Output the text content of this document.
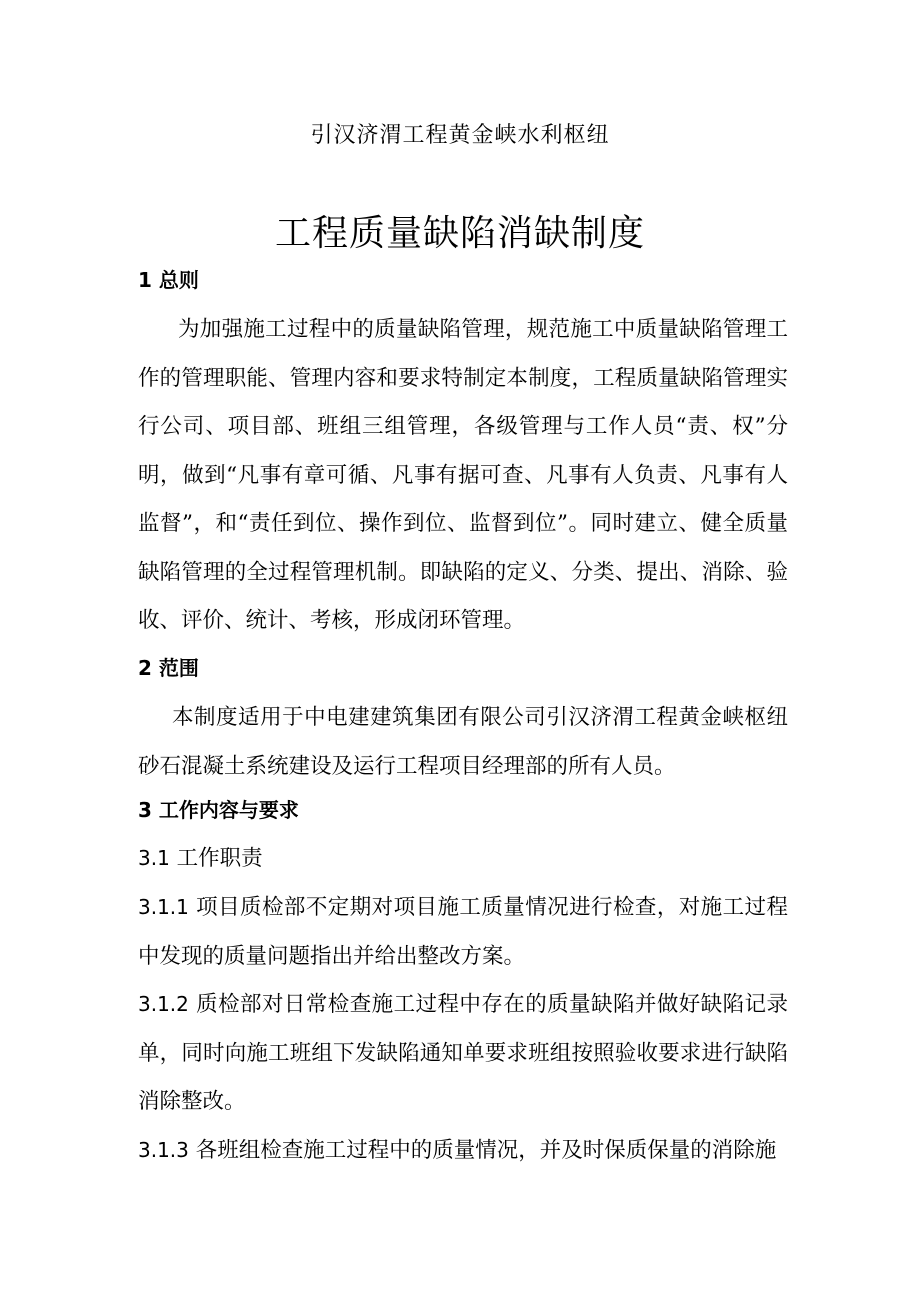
引汉济渭工程黄金峡水利枢纽
工程质量缺陷消缺制度
1 总则
为加强施工过程中的质量缺陷管理，规范施工中质量缺陷管理工作的管理职能、管理内容和要求特制定本制度，工程质量缺陷管理实行公司、项目部、班组三组管理，各级管理与工作人员“责、权”分明，做到“凡事有章可循、凡事有据可查、凡事有人负责、凡事有人监督”，和“责任到位、操作到位、监督到位”。同时建立、健全质量缺陷管理的全过程管理机制。即缺陷的定义、分类、提出、消除、验收、评价、统计、考核，形成闭环管理。
2 范围
本制度适用于中电建建筑集团有限公司引汉济渭工程黄金峡枢纽砂石混凝土系统建设及运行工程项目经理部的所有人员。
3 工作内容与要求
3.1 工作职责
3.1.1 项目质检部不定期对项目施工质量情况进行检查，对施工过程中发现的质量问题指出并给出整改方案。
3.1.2 质检部对日常检查施工过程中存在的质量缺陷并做好缺陷记录单，同时向施工班组下发缺陷通知单要求班组按照验收要求进行缺陷消除整改。
3.1.3 各班组检查施工过程中的质量情况，并及时保质保量的消除施
